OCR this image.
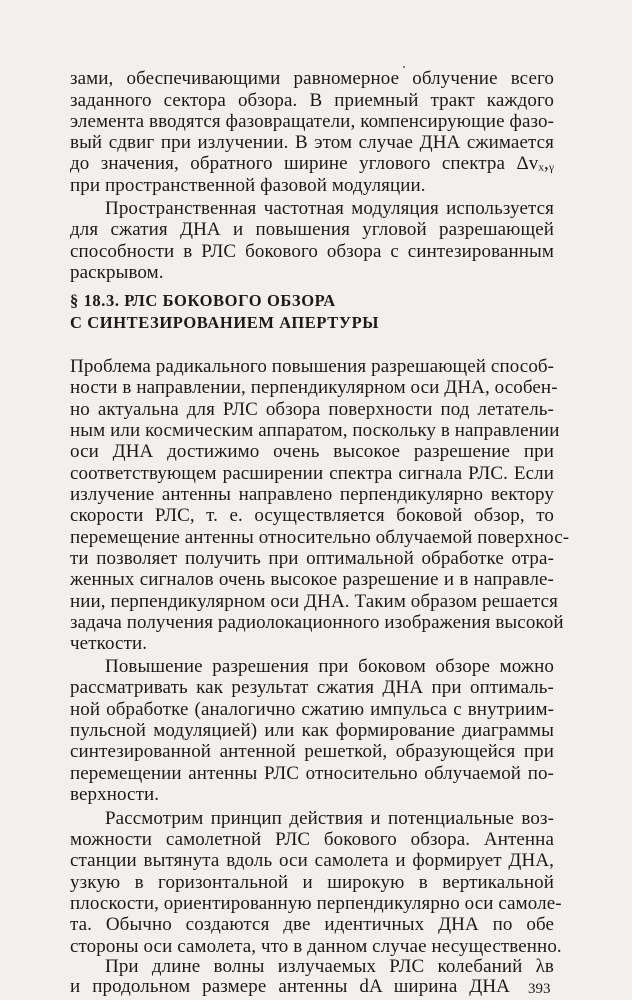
зами, обеспечивающими равномерное облучение всего
заданного сектора обзора. В приемный тракт каждого
элемента вводятся фазовращатели, компенсирующие фазо-
вый сдвиг при излучении. В этом случае ДНА сжимается
до значения, обратного ширине углового спектра Δvₓ,ᵧ
при пространственной фазовой модуляции.
Пространственная частотная модуляция используется
для сжатия ДНА и повышения угловой разрешающей
способности в РЛС бокового обзора с синтезированным
раскрывом.
§ 18.3. РЛС БОКОВОГО ОБЗОРА
С СИНТЕЗИРОВАНИЕМ АПЕРТУРЫ
Проблема радикального повышения разрешающей способ-
ности в направлении, перпендикулярном оси ДНА, особен-
но актуальна для РЛС обзора поверхности под летатель-
ным или космическим аппаратом, поскольку в направлении
оси ДНА достижимо очень высокое разрешение при
соответствующем расширении спектра сигнала РЛС. Если
излучение антенны направлено перпендикулярно вектору
скорости РЛС, т. е. осуществляется боковой обзор, то
перемещение антенны относительно облучаемой поверхнос-
ти позволяет получить при оптимальной обработке отра-
женных сигналов очень высокое разрешение и в направле-
нии, перпендикулярном оси ДНА. Таким образом решается
задача получения радиолокационного изображения высокой
четкости.
Повышение разрешения при боковом обзоре можно
рассматривать как результат сжатия ДНА при оптималь-
ной обработке (аналогично сжатию импульса с внутриим-
пульсной модуляцией) или как формирование диаграммы
синтезированной антенной решеткой, образующейся при
перемещении антенны РЛС относительно облучаемой по-
верхности.
Рассмотрим принцип действия и потенциальные воз-
можности самолетной РЛС бокового обзора. Антенна
станции вытянута вдоль оси самолета и формирует ДНА,
узкую в горизонтальной и широкую в вертикальной
плоскости, ориентированную перпендикулярно оси самоле-
та. Обычно создаются две идентичных ДНА по обе
стороны оси самолета, что в данном случае несущественно.
393
При длине волны излучаемых РЛС колебаний λв
и продольном размере антенны dA ширина ДНА
